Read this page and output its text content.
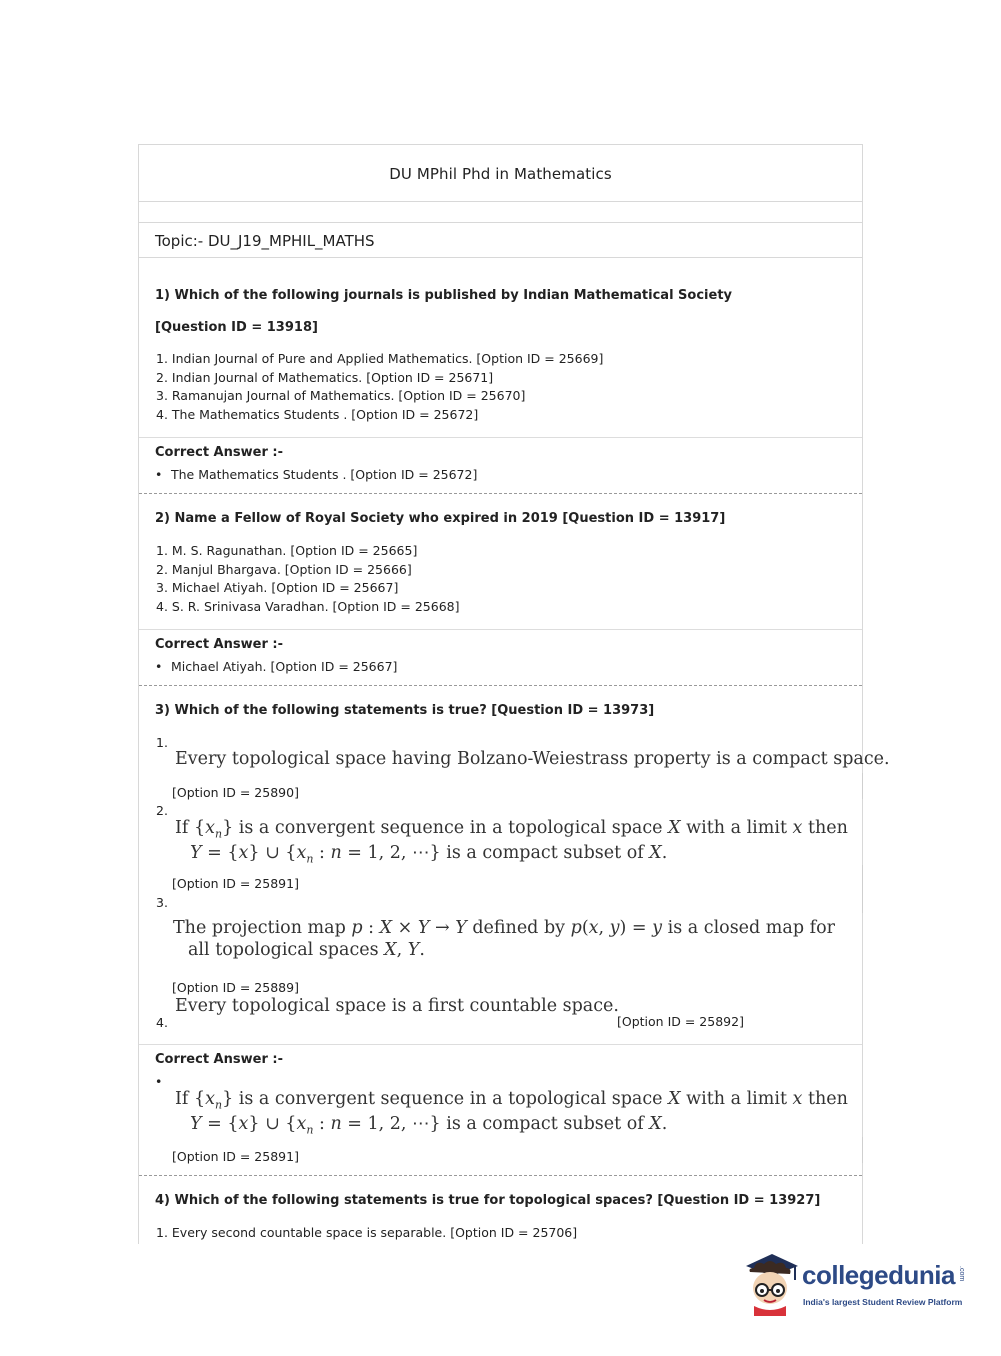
DU MPhil Phd in Mathematics
Topic:- DU_J19_MPHIL_MATHS
1) Which of the following journals is published by Indian Mathematical Society
[Question ID = 13918]
1. Indian Journal of Pure and Applied Mathematics. [Option ID = 25669]
2. Indian Journal of Mathematics. [Option ID = 25671]
3. Ramanujan Journal of Mathematics. [Option ID = 25670]
4. The Mathematics Students . [Option ID = 25672]
Correct Answer :-
• The Mathematics Students . [Option ID = 25672]
2) Name a Fellow of Royal Society who expired in 2019 [Question ID = 13917]
1. M. S. Ragunathan. [Option ID = 25665]
2. Manjul Bhargava. [Option ID = 25666]
3. Michael Atiyah. [Option ID = 25667]
4. S. R. Srinivasa Varadhan. [Option ID = 25668]
Correct Answer :-
• Michael Atiyah. [Option ID = 25667]
3) Which of the following statements is true? [Question ID = 13973]
1.
Every topological space having Bolzano-Weiestrass property is a compact space.
[Option ID = 25890]
2.
If $\{x_n\}$ is a convergent sequence in a topological space X with a limit x then
Y = {x} ∪ {$x_n$ : n = 1, 2, ⋯} is a compact subset of X.
[Option ID = 25891]
3.
The projection map p : X × Y → Y defined by p(x, y) = y is a closed map for
all topological spaces X, Y.
[Option ID = 25889]
4.
Every topological space is a first countable space.
[Option ID = 25892]
Correct Answer :-
•
If $\{x_n\}$ is a convergent sequence in a topological space X with a limit x then
Y = {x} ∪ {$x_n$ : n = 1, 2, ⋯} is a compact subset of X.
[Option ID = 25891]
4) Which of the following statements is true for topological spaces? [Question ID = 13927]
1. Every second countable space is separable. [Option ID = 25706]
collegedunia .com
India's largest Student Review Platform
